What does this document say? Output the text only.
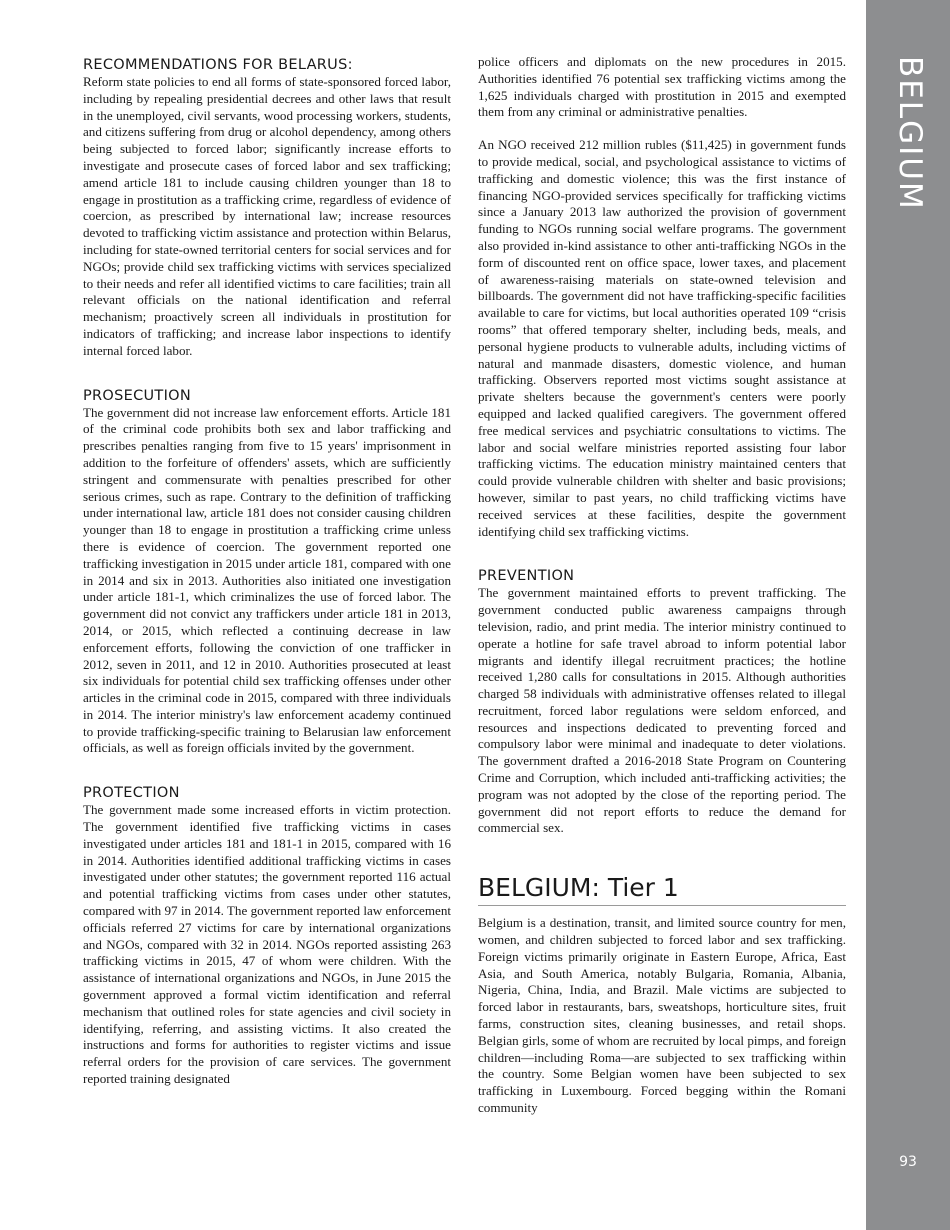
RECOMMENDATIONS FOR BELARUS:

Reform state policies to end all forms of state-sponsored forced labor, including by repealing presidential decrees and other laws that result in the unemployed, civil servants, wood processing workers, students, and citizens suffering from drug or alcohol dependency, among others being subjected to forced labor; significantly increase efforts to investigate and prosecute cases of forced labor and sex trafficking; amend article 181 to include causing children younger than 18 to engage in prostitution as a trafficking crime, regardless of evidence of coercion, as prescribed by international law; increase resources devoted to trafficking victim assistance and protection within Belarus, including for state-owned territorial centers for social services and for NGOs; provide child sex trafficking victims with services specialized to their needs and refer all identified victims to care facilities; train all relevant officials on the national identification and referral mechanism; proactively screen all individuals in prostitution for indicators of trafficking; and increase labor inspections to identify internal forced labor.

PROSECUTION

The government did not increase law enforcement efforts. Article 181 of the criminal code prohibits both sex and labor trafficking and prescribes penalties ranging from five to 15 years' imprisonment in addition to the forfeiture of offenders' assets, which are sufficiently stringent and commensurate with penalties prescribed for other serious crimes, such as rape. Contrary to the definition of trafficking under international law, article 181 does not consider causing children younger than 18 to engage in prostitution a trafficking crime unless there is evidence of coercion. The government reported one trafficking investigation in 2015 under article 181, compared with one in 2014 and six in 2013. Authorities also initiated one investigation under article 181-1, which criminalizes the use of forced labor. The government did not convict any traffickers under article 181 in 2013, 2014, or 2015, which reflected a continuing decrease in law enforcement efforts, following the conviction of one trafficker in 2012, seven in 2011, and 12 in 2010. Authorities prosecuted at least six individuals for potential child sex trafficking offenses under other articles in the criminal code in 2015, compared with three individuals in 2014. The interior ministry's law enforcement academy continued to provide trafficking-specific training to Belarusian law enforcement officials, as well as foreign officials invited by the government.

PROTECTION

The government made some increased efforts in victim protection. The government identified five trafficking victims in cases investigated under articles 181 and 181-1 in 2015, compared with 16 in 2014. Authorities identified additional trafficking victims in cases investigated under other statutes; the government reported 116 actual and potential trafficking victims from cases under other statutes, compared with 97 in 2014. The government reported law enforcement officials referred 27 victims for care by international organizations and NGOs, compared with 32 in 2014. NGOs reported assisting 263 trafficking victims in 2015, 47 of whom were children. With the assistance of international organizations and NGOs, in June 2015 the government approved a formal victim identification and referral mechanism that outlined roles for state agencies and civil society in identifying, referring, and assisting victims. It also created the instructions and forms for authorities to register victims and issue referral orders for the provision of care services. The government reported training designated

police officers and diplomats on the new procedures in 2015. Authorities identified 76 potential sex trafficking victims among the 1,625 individuals charged with prostitution in 2015 and exempted them from any criminal or administrative penalties.

An NGO received 212 million rubles ($11,425) in government funds to provide medical, social, and psychological assistance to victims of trafficking and domestic violence; this was the first instance of financing NGO-provided services specifically for trafficking victims since a January 2013 law authorized the provision of government funding to NGOs running social welfare programs. The government also provided in-kind assistance to other anti-trafficking NGOs in the form of discounted rent on office space, lower taxes, and placement of awareness-raising materials on state-owned television and billboards. The government did not have trafficking-specific facilities available to care for victims, but local authorities operated 109 “crisis rooms” that offered temporary shelter, including beds, meals, and personal hygiene products to vulnerable adults, including victims of natural and manmade disasters, domestic violence, and human trafficking. Observers reported most victims sought assistance at private shelters because the government's centers were poorly equipped and lacked qualified caregivers. The government offered free medical services and psychiatric consultations to victims. The labor and social welfare ministries reported assisting four labor trafficking victims. The education ministry maintained centers that could provide vulnerable children with shelter and basic provisions; however, similar to past years, no child trafficking victims have received services at these facilities, despite the government identifying child sex trafficking victims.

PREVENTION

The government maintained efforts to prevent trafficking. The government conducted public awareness campaigns through television, radio, and print media. The interior ministry continued to operate a hotline for safe travel abroad to inform potential labor migrants and identify illegal recruitment practices; the hotline received 1,280 calls for consultations in 2015. Although authorities charged 58 individuals with administrative offenses related to illegal recruitment, forced labor regulations were seldom enforced, and resources and inspections dedicated to preventing forced and compulsory labor were minimal and inadequate to deter violations. The government drafted a 2016-2018 State Program on Countering Crime and Corruption, which included anti-trafficking activities; the program was not adopted by the close of the reporting period. The government did not report efforts to reduce the demand for commercial sex.

BELGIUM: Tier 1

Belgium is a destination, transit, and limited source country for men, women, and children subjected to forced labor and sex trafficking. Foreign victims primarily originate in Eastern Europe, Africa, East Asia, and South America, notably Bulgaria, Romania, Albania, Nigeria, China, India, and Brazil. Male victims are subjected to forced labor in restaurants, bars, sweatshops, horticulture sites, fruit farms, construction sites, cleaning businesses, and retail shops. Belgian girls, some of whom are recruited by local pimps, and foreign children—including Roma—are subjected to sex trafficking within the country. Some Belgian women have been subjected to sex trafficking in Luxembourg. Forced begging within the Romani community

BELGIUM
93
